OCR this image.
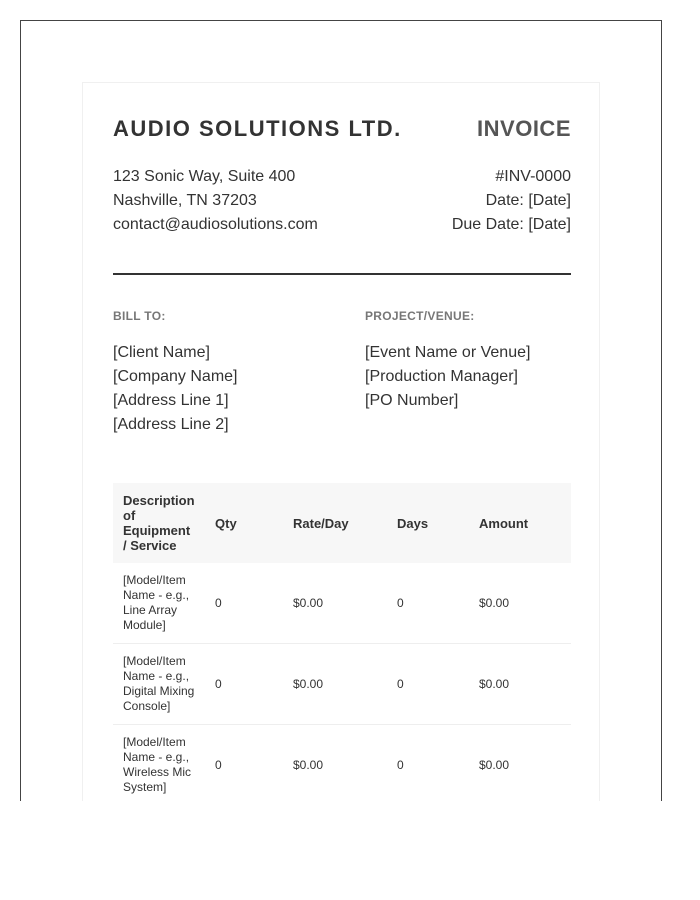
AUDIO SOLUTIONS LTD.	INVOICE
123 Sonic Way, Suite 400
Nashville, TN 37203
contact@audiosolutions.com
#INV-0000
Date: [Date]
Due Date: [Date]
BILL TO:	PROJECT/VENUE:
[Client Name]
[Company Name]
[Address Line 1]
[Address Line 2]
[Event Name or Venue]
[Production Manager]
[PO Number]
Description of Equipment / Service	Qty	Rate/Day	Days	Amount
[Model/Item Name - e.g., Line Array Module]	0	$0.00	0	$0.00
[Model/Item Name - e.g., Digital Mixing Console]	0	$0.00	0	$0.00
[Model/Item Name - e.g., Wireless Mic System]	0	$0.00	0	$0.00
